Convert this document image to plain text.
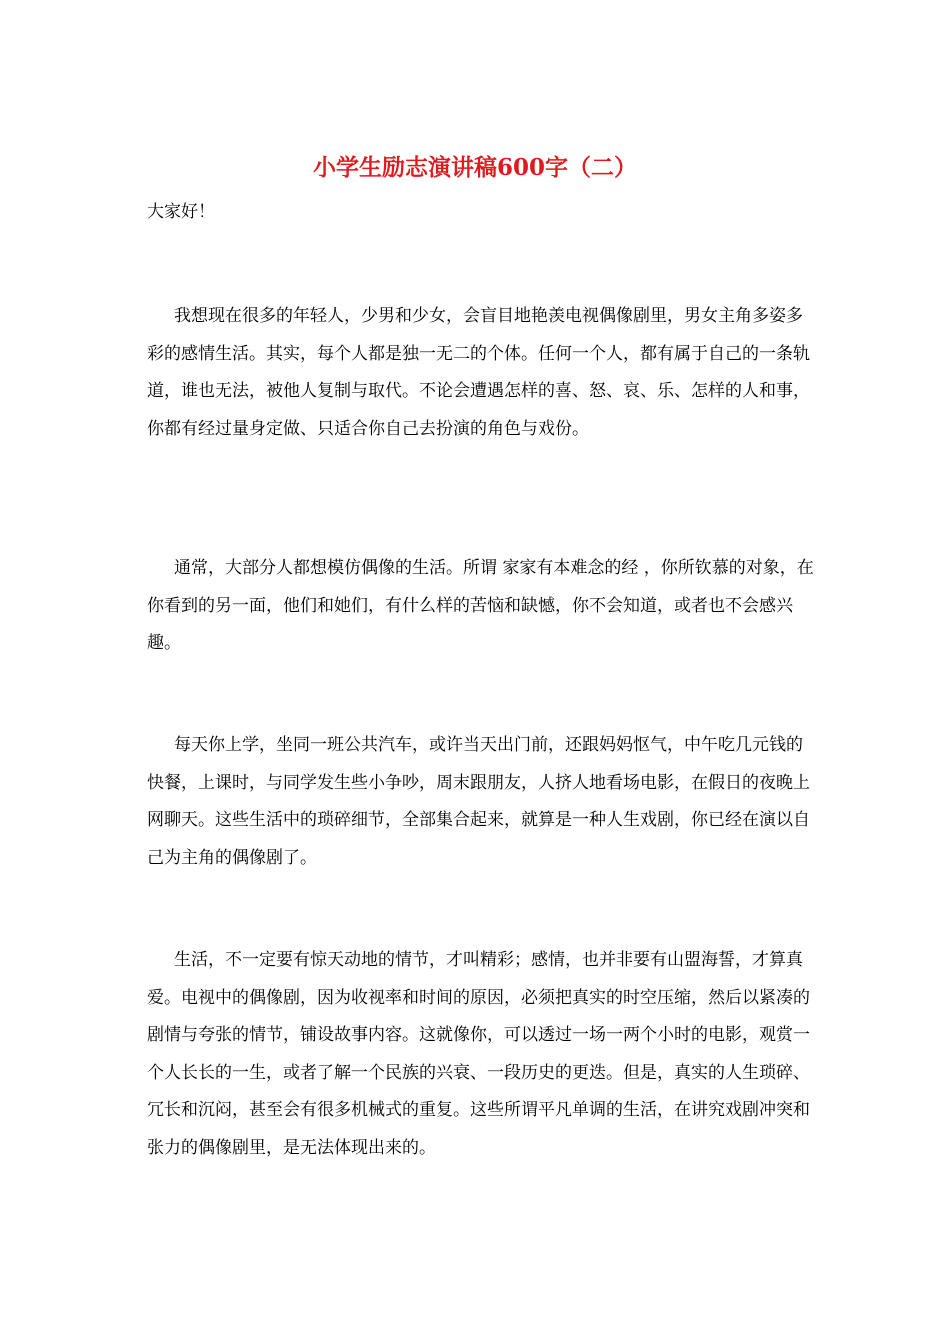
小学生励志演讲稿600字（二）

大家好！

我想现在很多的年轻人，少男和少女，会盲目地艳羡电视偶像剧里，男女主角多姿多彩的感情生活。其实，每个人都是独一无二的个体。任何一个人，都有属于自己的一条轨道，谁也无法，被他人复制与取代。不论会遭遇怎样的喜、怒、哀、乐、怎样的人和事，你都有经过量身定做、只适合你自己去扮演的角色与戏份。

通常，大部分人都想模仿偶像的生活。所谓 家家有本难念的经 ，你所钦慕的对象，在你看到的另一面，他们和她们，有什么样的苦恼和缺憾，你不会知道，或者也不会感兴趣。

每天你上学，坐同一班公共汽车，或许当天出门前，还跟妈妈怄气，中午吃几元钱的快餐，上课时，与同学发生些小争吵，周末跟朋友，人挤人地看场电影，在假日的夜晚上网聊天。这些生活中的琐碎细节，全部集合起来，就算是一种人生戏剧，你已经在演以自己为主角的偶像剧了。

生活，不一定要有惊天动地的情节，才叫精彩；感情，也并非要有山盟海誓，才算真爱。电视中的偶像剧，因为收视率和时间的原因，必须把真实的时空压缩，然后以紧凑的剧情与夸张的情节，铺设故事内容。这就像你，可以透过一场一两个小时的电影，观赏一个人长长的一生，或者了解一个民族的兴衰、一段历史的更迭。但是，真实的人生琐碎、冗长和沉闷，甚至会有很多机械式的重复。这些所谓平凡单调的生活，在讲究戏剧冲突和张力的偶像剧里，是无法体现出来的。
